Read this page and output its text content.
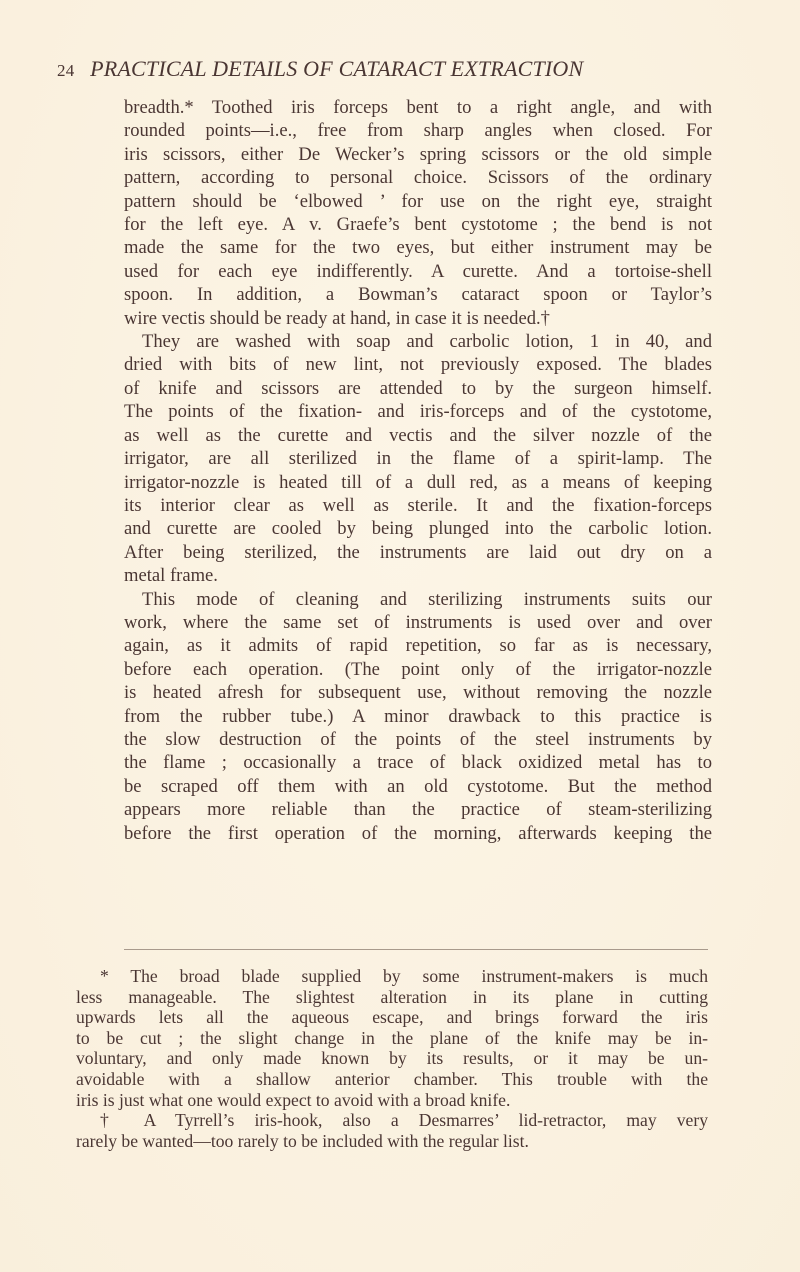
24 PRACTICAL DETAILS OF CATARACT EXTRACTION

breadth.* Toothed iris forceps bent to a right angle, and with
rounded points—i.e., free from sharp angles when closed. For
iris scissors, either De Wecker’s spring scissors or the old simple
pattern, according to personal choice. Scissors of the ordinary
pattern should be ‘elbowed ’ for use on the right eye, straight
for the left eye. A v. Graefe’s bent cystotome ; the bend is not
made the same for the two eyes, but either instrument may be
used for each eye indifferently. A curette. And a tortoise-shell
spoon. In addition, a Bowman’s cataract spoon or Taylor’s
wire vectis should be ready at hand, in case it is needed.†

They are washed with soap and carbolic lotion, 1 in 40, and
dried with bits of new lint, not previously exposed. The blades
of knife and scissors are attended to by the surgeon himself.
The points of the fixation- and iris-forceps and of the cystotome,
as well as the curette and vectis and the silver nozzle of the
irrigator, are all sterilized in the flame of a spirit-lamp. The
irrigator-nozzle is heated till of a dull red, as a means of keeping
its interior clear as well as sterile. It and the fixation-forceps
and curette are cooled by being plunged into the carbolic lotion.
After being sterilized, the instruments are laid out dry on a
metal frame.

This mode of cleaning and sterilizing instruments suits our
work, where the same set of instruments is used over and over
again, as it admits of rapid repetition, so far as is necessary,
before each operation. (The point only of the irrigator-nozzle
is heated afresh for subsequent use, without removing the nozzle
from the rubber tube.) A minor drawback to this practice is
the slow destruction of the points of the steel instruments by
the flame ; occasionally a trace of black oxidized metal has to
be scraped off them with an old cystotome. But the method
appears more reliable than the practice of steam-sterilizing
before the first operation of the morning, afterwards keeping the

* The broad blade supplied by some instrument-makers is much
less manageable. The slightest alteration in its plane in cutting
upwards lets all the aqueous escape, and brings forward the iris
to be cut ; the slight change in the plane of the knife may be in-
voluntary, and only made known by its results, or it may be un-
avoidable with a shallow anterior chamber. This trouble with the
iris is just what one would expect to avoid with a broad knife.
† A Tyrrell’s iris-hook, also a Desmarres’ lid-retractor, may very
rarely be wanted—too rarely to be included with the regular list.
